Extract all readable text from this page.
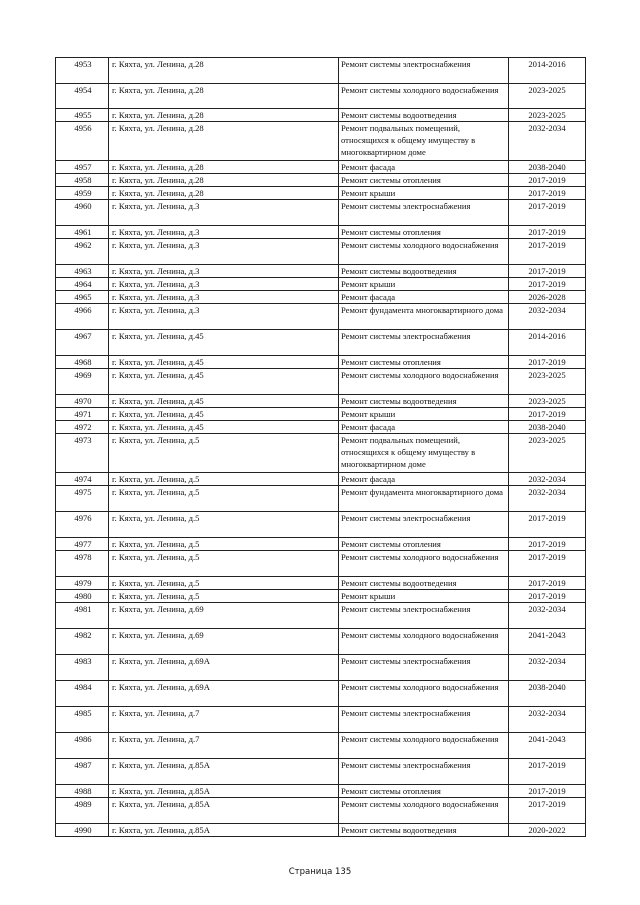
4953	г. Кяхта, ул. Ленина, д.28	Ремонт системы электроснабжения	2014-2016
4954	г. Кяхта, ул. Ленина, д.28	Ремонт системы холодного водоснабжения	2023-2025
4955	г. Кяхта, ул. Ленина, д.28	Ремонт системы водоотведения	2023-2025
4956	г. Кяхта, ул. Ленина, д.28	Ремонт подвальных помещений, относящихся к общему имуществу в многоквартирном доме	2032-2034
4957	г. Кяхта, ул. Ленина, д.28	Ремонт фасада	2038-2040
4958	г. Кяхта, ул. Ленина, д.28	Ремонт системы отопления	2017-2019
4959	г. Кяхта, ул. Ленина, д.28	Ремонт крыши	2017-2019
4960	г. Кяхта, ул. Ленина, д.3	Ремонт системы электроснабжения	2017-2019
4961	г. Кяхта, ул. Ленина, д.3	Ремонт системы отопления	2017-2019
4962	г. Кяхта, ул. Ленина, д.3	Ремонт системы холодного водоснабжения	2017-2019
4963	г. Кяхта, ул. Ленина, д.3	Ремонт системы водоотведения	2017-2019
4964	г. Кяхта, ул. Ленина, д.3	Ремонт крыши	2017-2019
4965	г. Кяхта, ул. Ленина, д.3	Ремонт фасада	2026-2028
4966	г. Кяхта, ул. Ленина, д.3	Ремонт фундамента многоквартирного дома	2032-2034
4967	г. Кяхта, ул. Ленина, д.45	Ремонт системы электроснабжения	2014-2016
4968	г. Кяхта, ул. Ленина, д.45	Ремонт системы отопления	2017-2019
4969	г. Кяхта, ул. Ленина, д.45	Ремонт системы холодного водоснабжения	2023-2025
4970	г. Кяхта, ул. Ленина, д.45	Ремонт системы водоотведения	2023-2025
4971	г. Кяхта, ул. Ленина, д.45	Ремонт крыши	2017-2019
4972	г. Кяхта, ул. Ленина, д.45	Ремонт фасада	2038-2040
4973	г. Кяхта, ул. Ленина, д.5	Ремонт подвальных помещений, относящихся к общему имуществу в многоквартирном доме	2023-2025
4974	г. Кяхта, ул. Ленина, д.5	Ремонт фасада	2032-2034
4975	г. Кяхта, ул. Ленина, д.5	Ремонт фундамента многоквартирного дома	2032-2034
4976	г. Кяхта, ул. Ленина, д.5	Ремонт системы электроснабжения	2017-2019
4977	г. Кяхта, ул. Ленина, д.5	Ремонт системы отопления	2017-2019
4978	г. Кяхта, ул. Ленина, д.5	Ремонт системы холодного водоснабжения	2017-2019
4979	г. Кяхта, ул. Ленина, д.5	Ремонт системы водоотведения	2017-2019
4980	г. Кяхта, ул. Ленина, д.5	Ремонт крыши	2017-2019
4981	г. Кяхта, ул. Ленина, д.69	Ремонт системы электроснабжения	2032-2034
4982	г. Кяхта, ул. Ленина, д.69	Ремонт системы холодного водоснабжения	2041-2043
4983	г. Кяхта, ул. Ленина, д.69А	Ремонт системы электроснабжения	2032-2034
4984	г. Кяхта, ул. Ленина, д.69А	Ремонт системы холодного водоснабжения	2038-2040
4985	г. Кяхта, ул. Ленина, д.7	Ремонт системы электроснабжения	2032-2034
4986	г. Кяхта, ул. Ленина, д.7	Ремонт системы холодного водоснабжения	2041-2043
4987	г. Кяхта, ул. Ленина, д.85А	Ремонт системы электроснабжения	2017-2019
4988	г. Кяхта, ул. Ленина, д.85А	Ремонт системы отопления	2017-2019
4989	г. Кяхта, ул. Ленина, д.85А	Ремонт системы холодного водоснабжения	2017-2019
4990	г. Кяхта, ул. Ленина, д.85А	Ремонт системы водоотведения	2020-2022
Страница 135
